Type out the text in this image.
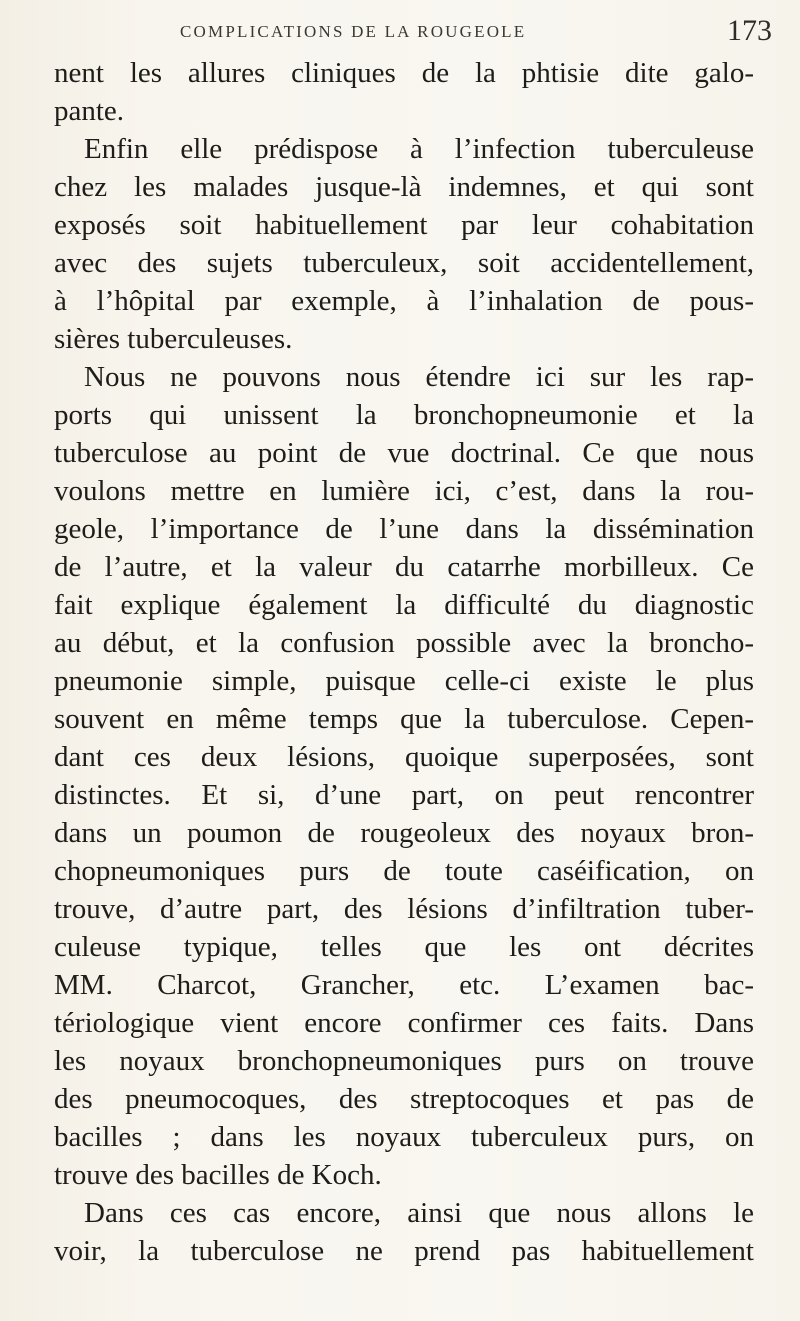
COMPLICATIONS DE LA ROUGEOLE	173

nent les allures cliniques de la phtisie dite galo-
pante.

Enfin elle prédispose à l’infection tuberculeuse
chez les malades jusque-là indemnes, et qui sont
exposés soit habituellement par leur cohabitation
avec des sujets tuberculeux, soit accidentellement,
à l’hôpital par exemple, à l’inhalation de pous-
sières tuberculeuses.

Nous ne pouvons nous étendre ici sur les rap-
ports qui unissent la bronchopneumonie et la
tuberculose au point de vue doctrinal. Ce que nous
voulons mettre en lumière ici, c’est, dans la rou-
geole, l’importance de l’une dans la dissémination
de l’autre, et la valeur du catarrhe morbilleux. Ce
fait explique également la difficulté du diagnostic
au début, et la confusion possible avec la broncho-
pneumonie simple, puisque celle-ci existe le plus
souvent en même temps que la tuberculose. Cepen-
dant ces deux lésions, quoique superposées, sont
distinctes. Et si, d’une part, on peut rencontrer
dans un poumon de rougeoleux des noyaux bron-
chopneumoniques purs de toute caséification, on
trouve, d’autre part, des lésions d’infiltration tuber-
culeuse typique, telles que les ont décrites
MM. Charcot, Grancher, etc. L’examen bac-
tériologique vient encore confirmer ces faits. Dans
les noyaux bronchopneumoniques purs on trouve
des pneumocoques, des streptocoques et pas de
bacilles ; dans les noyaux tuberculeux purs, on
trouve des bacilles de Koch.

Dans ces cas encore, ainsi que nous allons le
voir, la tuberculose ne prend pas habituellement
